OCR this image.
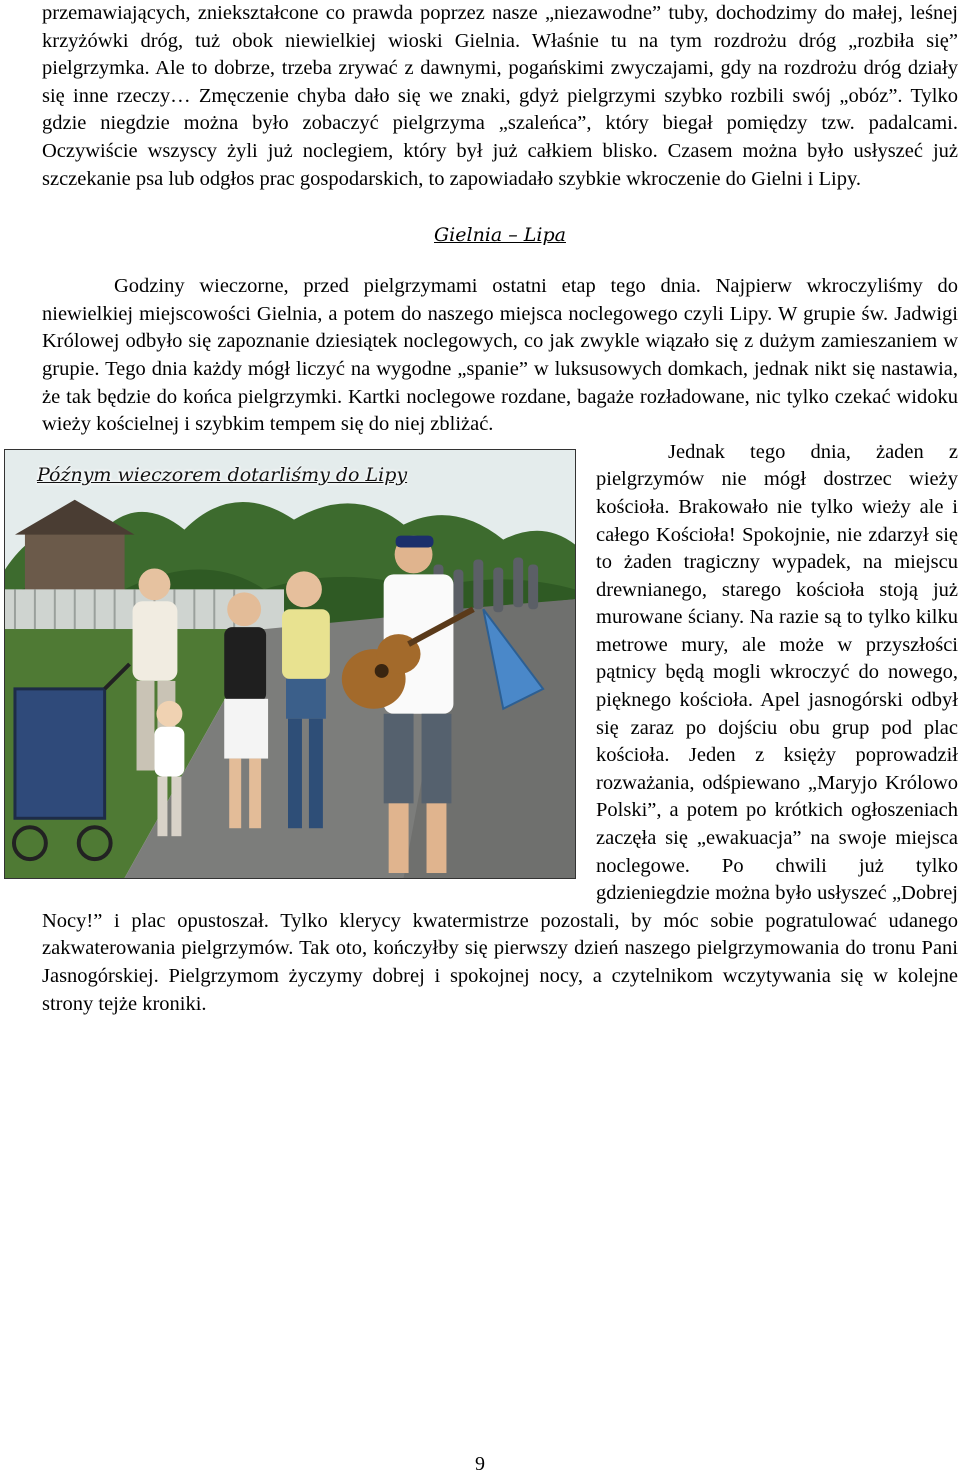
przemawiających, zniekształcone co prawda poprzez nasze „niezawodne” tuby, dochodzimy do małej, leśnej krzyżówki dróg, tuż obok niewielkiej wioski Gielnia. Właśnie tu na tym rozdrożu dróg „rozbiła się” pielgrzymka. Ale to dobrze, trzeba zrywać z dawnymi, pogańskimi zwyczajami, gdy na rozdrożu dróg działy się inne rzeczy… Zmęczenie chyba dało się we znaki, gdyż pielgrzymi szybko rozbili swój „obóz”. Tylko gdzie niegdzie można było zobaczyć pielgrzyma „szaleńca”, który biegał pomiędzy tzw. padalcami. Oczywiście wszyscy żyli już noclegiem, który był już całkiem blisko. Czasem można było usłyszeć już szczekanie psa lub odgłos prac gospodarskich, to zapowiadało szybkie wkroczenie do Gielni i Lipy.

Gielnia – Lipa

Godziny wieczorne, przed pielgrzymami ostatni etap tego dnia. Najpierw wkroczyliśmy do niewielkiej miejscowości Gielnia, a potem do naszego miejsca noclegowego czyli Lipy. W grupie św. Jadwigi Królowej odbyło się zapoznanie dziesiątek noclegowych, co jak zwykle wiązało się z dużym zamieszaniem w grupie. Tego dnia każdy mógł liczyć na wygodne „spanie” w luksusowych domkach, jednak nikt się nastawia, że tak będzie do końca pielgrzymki. Kartki noclegowe rozdane, bagaże rozładowane, nic tylko czekać widoku wieży kościelnej i szybkim tempem się do niej zbliżać.

Późnym wieczorem dotarliśmy do Lipy

Jednak tego dnia, żaden z pielgrzymów nie mógł dostrzec wieży kościoła. Brakowało nie tylko wieży ale i całego Kościoła! Spokojnie, nie zdarzył się to żaden tragiczny wypadek, na miejscu drewnianego, starego kościoła stoją już murowane ściany. Na razie są to tylko kilku metrowe mury, ale może w przyszłości pątnicy będą mogli wkroczyć do nowego, pięknego kościoła. Apel jasnogórski odbył się zaraz po dojściu obu grup pod plac kościoła. Jeden z księży poprowadził rozważania, odśpiewano „Maryjo Królowo Polski”, a potem po krótkich ogłoszeniach zaczęła się „ewakuacja” na swoje miejsca noclegowe. Po chwili już tylko gdzieniegdzie można było usłyszeć „Dobrej Nocy!” i plac opustoszał. Tylko klerycy kwatermistrze pozostali, by móc sobie pogratulować udanego zakwaterowania pielgrzymów. Tak oto, kończyłby się pierwszy dzień naszego pielgrzymowania do tronu Pani Jasnogórskiej. Pielgrzymom życzymy dobrej i spokojnej nocy, a czytelnikom wczytywania się w kolejne strony tejże kroniki.

9
